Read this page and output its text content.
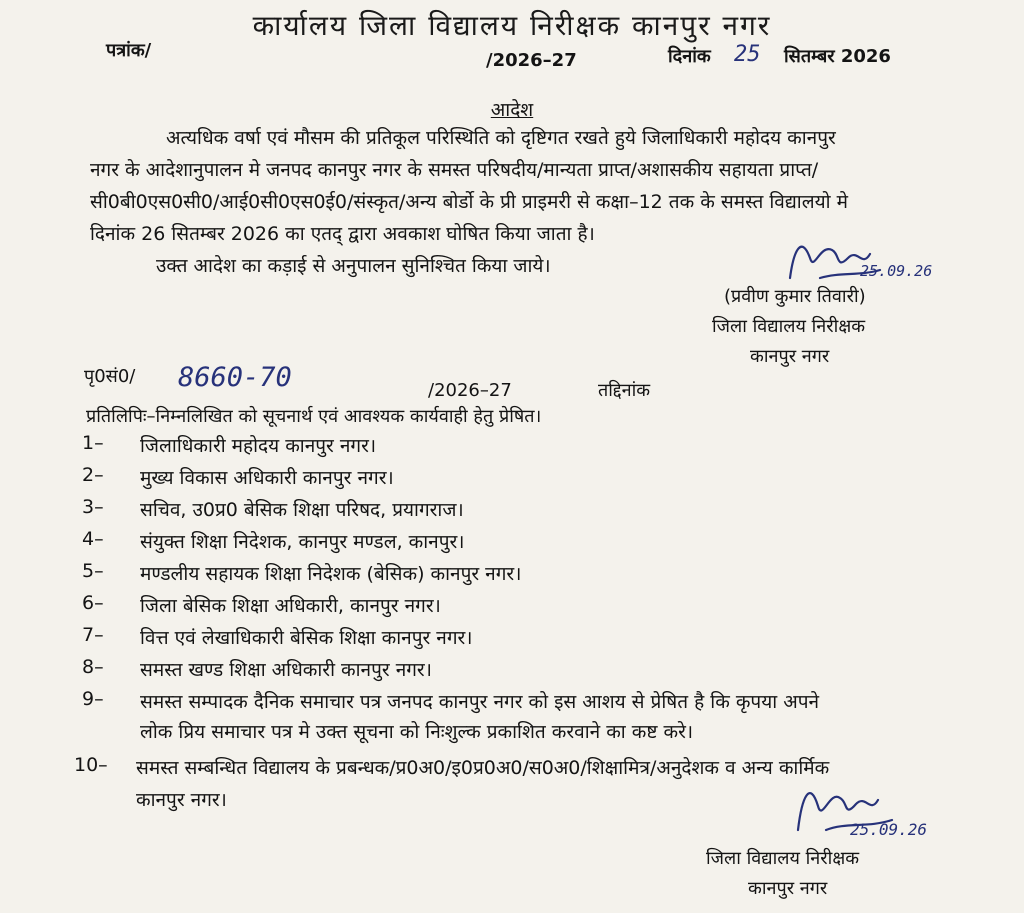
कार्यालय जिला विद्यालय निरीक्षक कानपुर नगर
पत्रांक/	/2026–27	दिनांक 25 सितम्बर 2026
आदेश
अत्यधिक वर्षा एवं मौसम की प्रतिकूल परिस्थिति को दृष्टिगत रखते हुये जिलाधिकारी महोदय कानपुर
नगर के आदेशानुपालन मे जनपद कानपुर नगर के समस्त परिषदीय/मान्यता प्राप्त/अशासकीय सहायता प्राप्त/
सी0बी0एस0सी0/आई0सी0एस0ई0/संस्कृत/अन्य बोर्डो के प्री प्राइमरी से कक्षा–12 तक के समस्त विद्यालयो मे
दिनांक 26 सितम्बर 2026 का एतद् द्वारा अवकाश घोषित किया जाता है।
उक्त आदेश का कड़ाई से अनुपालन सुनिश्चित किया जाये।	25.09.26
(प्रवीण कुमार तिवारी)
जिला विद्यालय निरीक्षक
कानपुर नगर
पृ0सं0/ 8660-70	/2026–27	तद्दिनांक
प्रतिलिपिः–निम्नलिखित को सूचनार्थ एवं आवश्यक कार्यवाही हेतु प्रेषित।
1– जिलाधिकारी महोदय कानपुर नगर।
2– मुख्य विकास अधिकारी कानपुर नगर।
3– सचिव, उ0प्र0 बेसिक शिक्षा परिषद, प्रयागराज।
4– संयुक्त शिक्षा निदेशक, कानपुर मण्डल, कानपुर।
5– मण्डलीय सहायक शिक्षा निदेशक (बेसिक) कानपुर नगर।
6– जिला बेसिक शिक्षा अधिकारी, कानपुर नगर।
7– वित्त एवं लेखाधिकारी बेसिक शिक्षा कानपुर नगर।
8– समस्त खण्ड शिक्षा अधिकारी कानपुर नगर।
9– समस्त सम्पादक दैनिक समाचार पत्र जनपद कानपुर नगर को इस आशय से प्रेषित है कि कृपया अपने
लोक प्रिय समाचार पत्र मे उक्त सूचना को निःशुल्क प्रकाशित करवाने का कष्ट करे।
10– समस्त सम्बन्धित विद्यालय के प्रबन्धक/प्र0अ0/इ0प्र0अ0/स0अ0/शिक्षामित्र/अनुदेशक व अन्य कार्मिक
कानपुर नगर।
25.09.26
जिला विद्यालय निरीक्षक
कानपुर नगर
